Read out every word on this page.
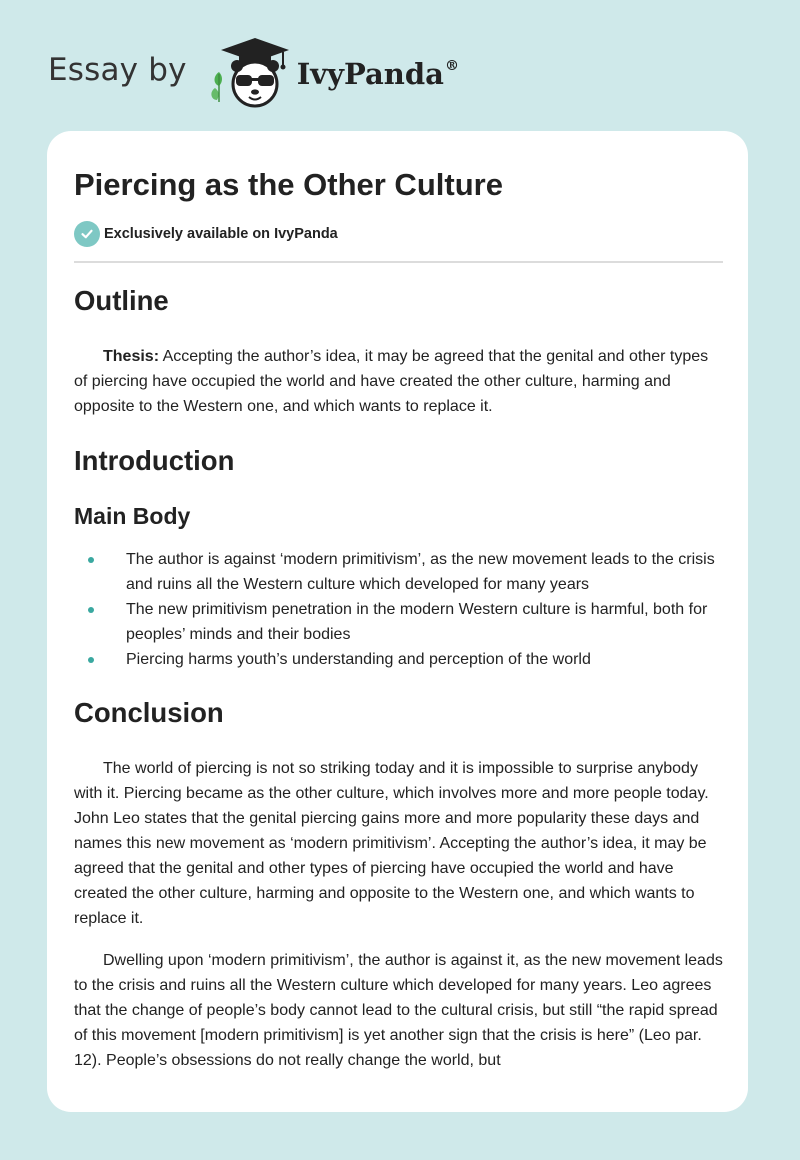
Essay by	IvyPanda®
Piercing as the Other Culture
Exclusively available on IvyPanda
Outline

Thesis: Accepting the author’s idea, it may be agreed that the genital and other types of piercing have occupied the world and have created the other culture, harming and opposite to the Western one, and which wants to replace it.

Introduction
Main Body
The author is against ‘modern primitivism’, as the new movement leads to the crisis and ruins all the Western culture which developed for many years
The new primitivism penetration in the modern Western culture is harmful, both for peoples’ minds and their bodies
Piercing harms youth’s understanding and perception of the world
Conclusion

The world of piercing is not so striking today and it is impossible to surprise anybody with it. Piercing became as the other culture, which involves more and more people today. John Leo states that the genital piercing gains more and more popularity these days and names this new movement as ‘modern primitivism’. Accepting the author’s idea, it may be agreed that the genital and other types of piercing have occupied the world and have created the other culture, harming and opposite to the Western one, and which wants to replace it.

Dwelling upon ‘modern primitivism’, the author is against it, as the new movement leads to the crisis and ruins all the Western culture which developed for many years. Leo agrees that the change of people’s body cannot lead to the cultural crisis, but still “the rapid spread of this movement [modern primitivism] is yet another sign that the crisis is here” (Leo par. 12). People’s obsessions do not really change the world, but
